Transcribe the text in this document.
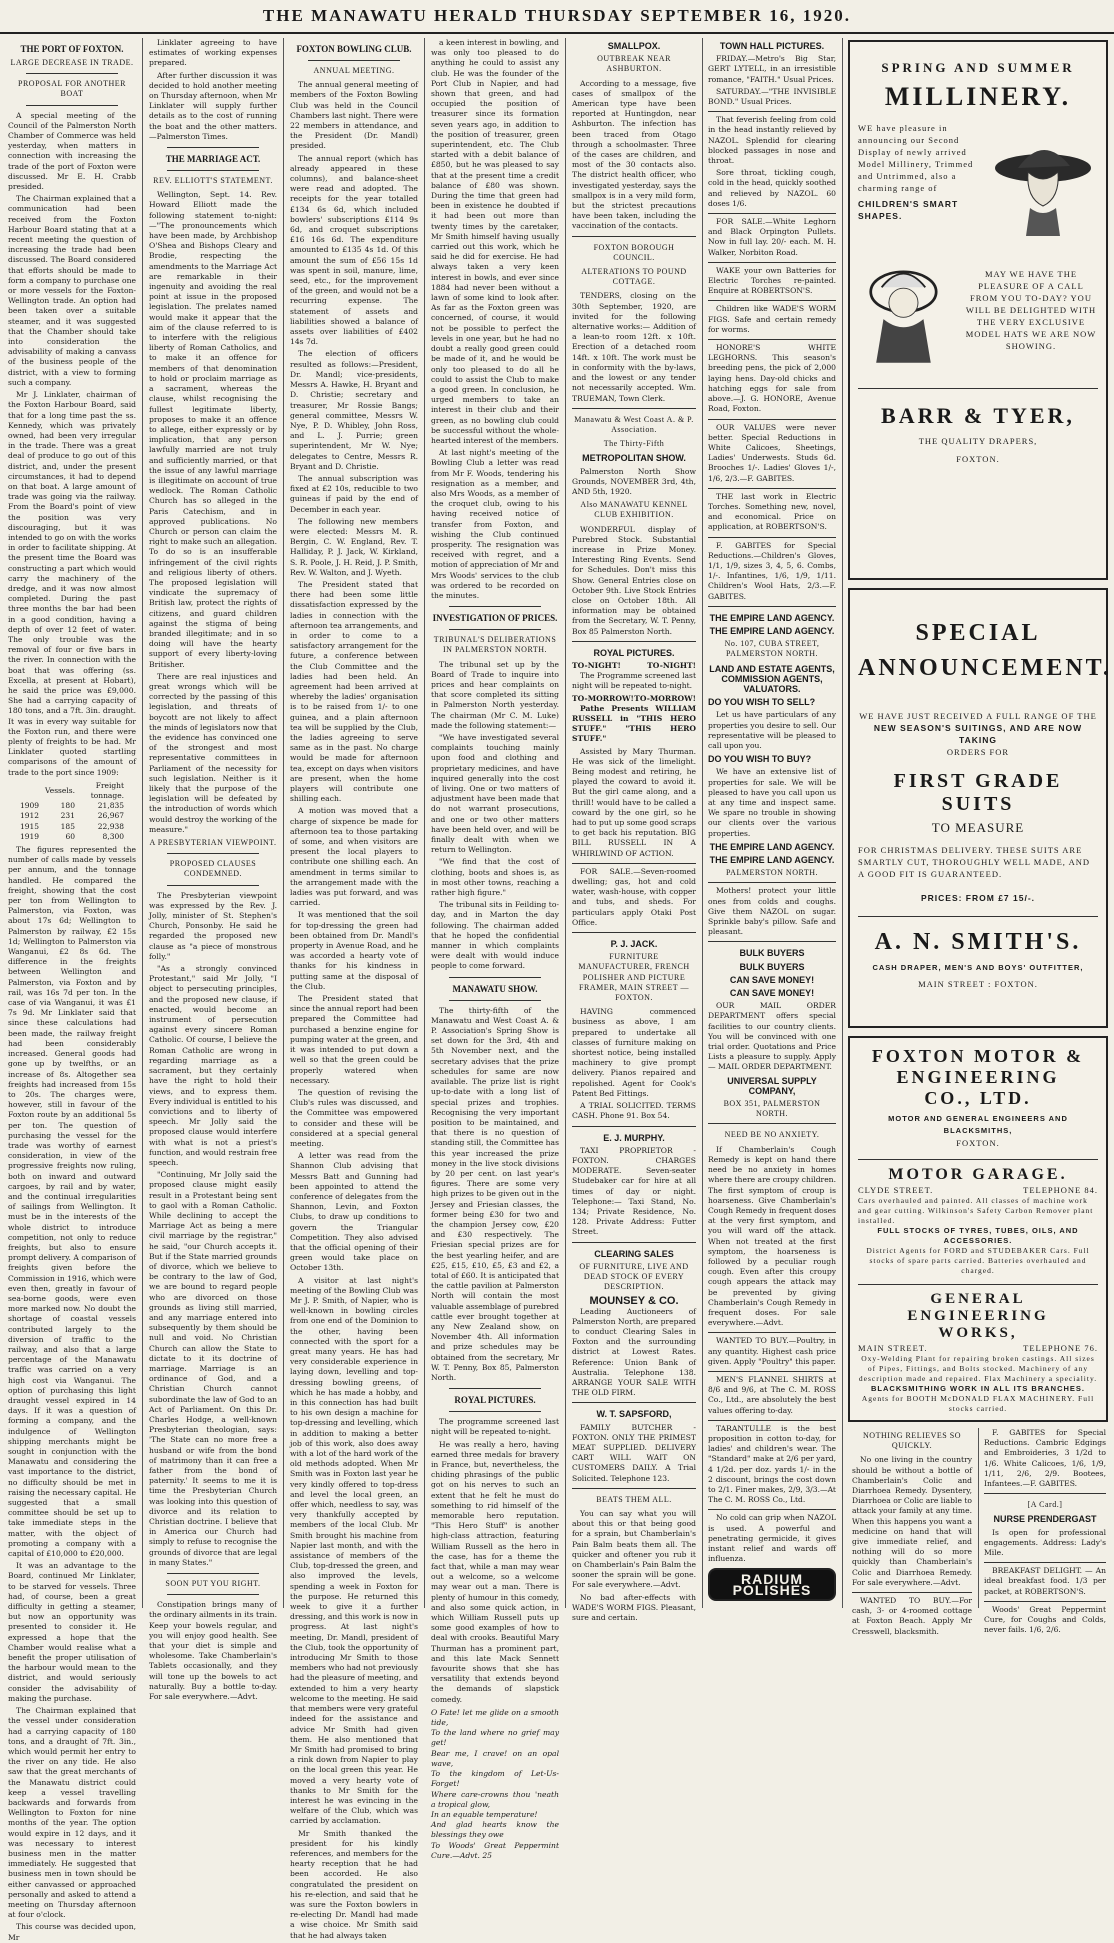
THE MANAWATU HERALD THURSDAY SEPTEMBER 16, 1920.
THE PORT OF FOXTON.
LARGE DECREASE IN TRADE.
PROPOSAL FOR ANOTHER BOAT

A special meeting of the Council of the Palmerston North Chamber of Commerce was held yesterday, when matters in connection with increasing the trade of the port of Foxton were discussed. Mr E. H. Crabb presided.

The Chairman explained that a communication had been received from the Foxton Harbour Board stating that at a recent meeting the question of increasing the trade had been discussed. The Board considered that efforts should be made to form a company to purchase one or more vessels for the Foxton-Wellington trade. An option had been taken over a suitable steamer, and it was suggested that the Chamber should take into consideration the advisability of making a canvass of the business people of the district, with a view to forming such a company.

Mr J. Linklater, chairman of the Foxton Harbour Board, said that for a long time past the ss. Kennedy, which was privately owned, had been very irregular in the trade. There was a great deal of produce to go out of this district, and, under the present circumstances, it had to depend on that boat. A large amount of trade was going via the railway. From the Board's point of view the position was very discouraging, but it was intended to go on with the works in order to facilitate shipping. At the present time the Board was constructing a part which would carry the machinery of the dredge, and it was now almost completed. During the past three months the bar had been in a good condition, having a depth of over 12 feet of water. The only trouble was the removal of four or five bars in the river. In connection with the boat that was offering (ss. Excella, at present at Hobart), he said the price was £9,000. She had a carrying capacity of 180 tons, and a 7ft. 3in. draught. It was in every way suitable for the Foxton run, and there were plenty of freights to be had. Mr Linklater quoted startling comparisons of the amount of trade to the port since 1909:

	Vessels.	Freight tonnage.
1909	180	21,835
1912	231	26,967
1915	185	22,938
1919	60	8,300

The figures represented the number of calls made by vessels per annum, and the tonnage handled. He compared the freight, showing that the cost per ton from Wellington to Palmerston, via Foxton, was about 17s 6d; Wellington to Palmerston by railway, £2 15s 1d; Wellington to Palmerston via Wanganui, £2 8s 6d. The difference in the freights between Wellington and Palmerston, via Foxton and by rail, was 16s 7d per ton. In the case of via Wanganui, it was £1 7s 9d. Mr Linklater said that since these calculations had been made, the railway freight had been considerably increased. General goods had gone up by twelfths, or an increase of 8s. Altogether sea freights had increased from 15s to 20s. The charges were, however, still in favour of the Foxton route by an additional 5s per ton. The question of purchasing the vessel for the trade was worthy of earnest consideration, in view of the progressive freights now ruling, both on inward and outward cargoes, by rail and by water, and the continual irregularities of sailings from Wellington. It must be in the interests of the whole district to introduce competition, not only to reduce freights, but also to ensure prompt delivery. A comparison of freights given before the Commission in 1916, which were even then, greatly in favour of sea-borne goods, were even more marked now. No doubt the shortage of coastal vessels contributed largely to the diversion of traffic to the railway, and also that a large percentage of the Manawatu traffic was carried on a very high cost via Wanganui. The option of purchasing this light draught vessel expired in 14 days. If it was a question of forming a company, and the indulgence of Wellington shipping merchants might be sought in conjunction with the Manawatu and considering the vast importance to the district, no difficulty should be met in raising the necessary capital. He suggested that a small committee should be set up to take immediate steps in the matter, with the object of promoting a company with a capital of £10,000 to £20,000.

It was an advantage to the Board, continued Mr Linklater, to be starved for vessels. Three had, of course, been a great difficulty in getting a steamer, but now an opportunity was presented to consider it. He expressed a hope that the Chamber would realise what a benefit the proper utilisation of the harbour would mean to the district, and would seriously consider the advisability of making the purchase.

The Chairman explained that the vessel under consideration had a carrying capacity of 180 tons, and a draught of 7ft. 3in., which would permit her entry to the river on any tide. He also saw that the great merchants of the Manawatu district could keep a vessel travelling backwards and forwards from Wellington to Foxton for nine months of the year. The option would expire in 12 days, and it was necessary to interest business men in the matter immediately. He suggested that business men in town should be either canvassed or approached personally and asked to attend a meeting on Thursday afternoon at four o'clock.

This course was decided upon, Mr

Linklater agreeing to have estimates of working expenses prepared.

After further discussion it was decided to hold another meeting on Thursday afternoon, when Mr Linklater will supply further details as to the cost of running the boat and the other matters.—Palmerston Times.

THE MARRIAGE ACT.
REV. ELLIOTT'S STATEMENT.

Wellington, Sept. 14. Rev. Howard Elliott made the following statement to-night:—"The pronouncements which have been made, by Archbishop O'Shea and Bishops Cleary and Brodie, respecting the amendments to the Marriage Act are remarkable in their ingenuity and avoiding the real point at issue in the proposed legislation. The prelates named would make it appear that the aim of the clause referred to is to interfere with the religious liberty of Roman Catholics, and to make it an offence for members of that denomination to hold or proclaim marriage as a sacrament, whereas the clause, whilst recognising the fullest legitimate liberty, proposes to make it an offence to allege, either expressly or by implication, that any person lawfully married are not truly and sufficiently married, or that the issue of any lawful marriage is illegitimate on account of true wedlock. The Roman Catholic Church has so alleged in the Paris Catechism, and in approved publications. No Church or person can claim the right to make such an allegation. To do so is an insufferable infringement of the civil rights and religious liberty of others. The proposed legislation will vindicate the supremacy of British law, protect the rights of citizens, and guard children against the stigma of being branded illegitimate; and in so doing will have the hearty support of every liberty-loving Britisher.

There are real injustices and great wrongs which will be corrected by the passing of this legislation, and threats of boycott are not likely to affect the minds of legislators now that the evidence has convinced one of the strongest and most representative committees in Parliament of the necessity for such legislation. Neither is it likely that the purpose of the legislation will be defeated by the introduction of words which would destroy the working of the measure."

A PRESBYTERIAN VIEWPOINT.
PROPOSED CLAUSES CONDEMNED.

The Presbyterian viewpoint was expressed by the Rev. J. Jolly, minister of St. Stephen's Church, Ponsonby. He said he regarded the proposed new clause as "a piece of monstrous folly."

"As a strongly convinced Protestant," said Mr Jolly, "I object to persecuting principles, and the proposed new clause, if enacted, would become an instrument of persecution against every sincere Roman Catholic. Of course, I believe the Roman Catholic are wrong in regarding marriage as a sacrament, but they certainly have the right to hold their views, and to express them. Every individual is entitled to his convictions and to liberty of speech. Mr Jolly said the proposed clause would interfere with what is not a priest's function, and would restrain free speech.

"Continuing, Mr Jolly said the proposed clause might easily result in a Protestant being sent to gaol with a Roman Catholic. While declining to accept the Marriage Act as being a mere civil marriage by the registrar," he said, "our Church accepts it. But if the State married grounds of divorce, which we believe to be contrary to the law of God, we are bound to regard people who are divorced on those grounds as living still married, and any marriage entered into subsequently by them should be null and void. No Christian Church can allow the State to dictate to it its doctrine of marriage. Marriage is an ordinance of God, and a Christian Church cannot subordinate the law of God to an Act of Parliament. On this Dr. Charles Hodge, a well-known Presbyterian theologian, says: 'The State can no more free a husband or wife from the bond of matrimony than it can free a father from the bond of paternity.' It seems to me it is time the Presbyterian Church was looking into this question of divorce and its relation to Christian doctrine. I believe that in America our Church had simply to refuse to recognise the grounds of divorce that are legal in many States."

SOON PUT YOU RIGHT.

Constipation brings many of the ordinary ailments in its train. Keep your bowels regular, and you will enjoy good health. See that your diet is simple and wholesome. Take Chamberlain's Tablets occasionally, and they will tone up the bowels to act naturally. Buy a bottle to-day. For sale everywhere.—Advt.

FOXTON BOWLING CLUB.
ANNUAL MEETING.

The annual general meeting of members of the Foxton Bowling Club was held in the Council Chambers last night. There were 22 members in attendance, and the President (Dr. Mandl) presided.

The annual report (which has already appeared in these columns), and balance-sheet were read and adopted. The receipts for the year totalled £134 6s 6d, which included bowlers' subscriptions £114 9s 6d, and croquet subscriptions £16 16s 6d. The expenditure amounted to £135 4s 1d. Of this amount the sum of £56 15s 1d was spent in soil, manure, lime, seed, etc., for the improvement of the green, and would not be a recurring expense. The statement of assets and liabilities showed a balance of assets over liabilities of £402 14s 7d.

The election of officers resulted as follows:—President, Dr. Mandl; vice-presidents, Messrs A. Hawke, H. Bryant and D. Christie; secretary and treasurer, Mr Rossie Bangs; general committee, Messrs W. Nye, P. D. Whibley, John Ross, and L. J. Purrie; green superintendent, Mr W. Nye; delegates to Centre, Messrs R. Bryant and D. Christie.

The annual subscription was fixed at £2 10s, reducible to two guineas if paid by the end of December in each year.

The following new members were elected: Messrs M. R. Bergin, C. W. England, Rev. T. Halliday, P. J. Jack, W. Kirkland, S. R. Poole, J. H. Reid, J. P. Smith, Rev. W. Walton, and J. Wyeth.

The President stated that there had been some little dissatisfaction expressed by the ladies in connection with the afternoon tea arrangements, and in order to come to a satisfactory arrangement for the future, a conference between the Club Committee and the ladies had been held. An agreement had been arrived at whereby the ladies' organisation is to be raised from 1/- to one guinea, and a plain afternoon tea will be supplied by the Club, the ladies agreeing to serve same as in the past. No charge would be made for afternoon tea, except on days when visitors are present, when the home players will contribute one shilling each.

A motion was moved that a charge of sixpence be made for afternoon tea to those partaking of some, and when visitors are present the local players to contribute one shilling each. An amendment in terms similar to the arrangement made with the ladies was put forward, and was carried.

It was mentioned that the soil for top-dressing the green had been obtained from Dr. Mandl's property in Avenue Road, and he was accorded a hearty vote of thanks for his kindness in putting same at the disposal of the Club.

The President stated that since the annual report had been prepared the Committee had purchased a benzine engine for pumping water at the green, and it was intended to put down a well so that the green could be properly watered when necessary.

The question of revising the Club's rules was discussed, and the Committee was empowered to consider and these will be considered at a special general meeting.

A letter was read from the Shannon Club advising that Messrs Batt and Gunning had been appointed to attend the conference of delegates from the Shannon, Levin, and Foxton Clubs, to draw up conditions to govern the Triangular Competition. They also advised that the official opening of their green would take place on October 13th.

A visitor at last night's meeting of the Bowling Club was Mr J. P. Smith, of Napier, who is well-known in bowling circles from one end of the Dominion to the other, having been connected with the sport for a great many years. He has had very considerable experience in laying down, levelling and top-dressing bowling greens, of which he has made a hobby, and in this connection has had built to his own design a machine for top-dressing and levelling, which in addition to making a better job of this work, also does away with a lot of the hard work of the old methods adopted. When Mr Smith was in Foxton last year he very kindly offered to top-dress and level the local green, an offer which, needless to say, was very thankfully accepted by members of the local Club. Mr Smith brought his machine from Napier last month, and with the assistance of members of the Club, top-dressed the green, and also improved the levels, spending a week in Foxton for the purpose. He returned this week to give it a further dressing, and this work is now in progress. At last night's meeting, Dr. Mandl, president of the Club, took the opportunity of introducing Mr Smith to those members who had not previously had the pleasure of meeting, and extended to him a very hearty welcome to the meeting. He said that members were very grateful indeed for the assistance and advice Mr Smith had given them. He also mentioned that Mr Smith had promised to bring a rink down from Napier to play on the local green this year. He moved a very hearty vote of thanks to Mr Smith for the interest he was evincing in the welfare of the Club, which was carried by acclamation.

Mr Smith thanked the president for his kindly references, and members for the hearty reception that he had been accorded. He also congratulated the president on his re-election, and said that he was sure the Foxton bowlers in re-electing Dr. Mandl had made a wise choice. Mr Smith said that he had always taken

a keen interest in bowling, and was only too pleased to do anything he could to assist any club. He was the founder of the Port Club in Napier, and had shown that green, and had occupied the position of treasurer since its formation seven years ago, in addition to the position of treasurer, green superintendent, etc. The Club started with a debit balance of £850, but he was pleased to say that at the present time a credit balance of £80 was shown. During the time that green had been in existence he doubted if it had been out more than twenty times by the caretaker, Mr Smith himself having usually carried out this work, which he said he did for exercise. He had always taken a very keen interest in bowls, and ever since 1884 had never been without a lawn of some kind to look after. As far as the Foxton green was concerned, of course, it would not be possible to perfect the levels in one year, but he had no doubt a really good green could be made of it, and he would be only too pleased to do all he could to assist the Club to make a good green. In conclusion, he urged members to take an interest in their club and their green, as no bowling club could be successful without the whole-hearted interest of the members.

At last night's meeting of the Bowling Club a letter was read from Mr F. Woods, tendering his resignation as a member, and also Mrs Woods, as a member of the croquet club, owing to his having received notice of transfer from Foxton, and wishing the Club continued prosperity. The resignation was received with regret, and a motion of appreciation of Mr and Mrs Woods' services to the club was ordered to be recorded on the minutes.

INVESTIGATION OF PRICES.
TRIBUNAL'S DELIBERATIONS IN PALMERSTON NORTH.

The tribunal set up by the Board of Trade to inquire into prices and hear complaints on that score completed its sitting in Palmerston North yesterday. The chairman (Mr C. M. Luke) made the following statement:—

"We have investigated several complaints touching mainly upon food and clothing and proprietary medicines, and have inquired generally into the cost of living. One or two matters of adjustment have been made that do not warrant prosecutions, and one or two other matters have been held over, and will be finally dealt with when we return to Wellington.

"We find that the cost of clothing, boots and shoes is, as in most other towns, reaching a rather high figure."

The tribunal sits in Feilding to-day, and in Marton the day following. The chairman added that he hoped the confidential manner in which complaints were dealt with would induce people to come forward.

MANAWATU SHOW.

The thirty-fifth of the Manawatu and West Coast A. & P. Association's Spring Show is set down for the 3rd, 4th and 5th November next, and the secretary advises that the prize schedules for same are now available. The prize list is right up-to-date with a long list of special prizes and trophies. Recognising the very important position to be maintained, and that there is no question of standing still, the Committee has this year increased the prize money in the live stock divisions by 20 per cent. on last year's figures. There are some very high prizes to be given out in the Jersey and Friesian classes, the former being £30 for two and the champion Jersey cow, £20 and £30 respectively. The Friesian special prizes are for the best yearling heifer, and are £25, £15, £10, £5, £3 and £2, a total of £60. It is anticipated that the cattle pavilion at Palmerston North will contain the most valuable assemblage of purebred cattle ever brought together at any New Zealand show, on November 4th. All information and prize schedules may be obtained from the secretary, Mr W. T. Penny, Box 85, Palmerston North.

ROYAL PICTURES.

The programme screened last night will be repeated to-night.

He was really a hero, having earned three medals for bravery in France, but, nevertheless, the chiding phrasings of the public got on his nerves to such an extent that he felt he must do something to rid himself of the memorable hero reputation. "This Hero Stuff" is another high-class attraction, featuring William Russell as the hero in the case, has for a theme the fact that, while a man may wear out a welcome, so a welcome may wear out a man. There is plenty of humour in this comedy, and also some quick action, in which William Russell puts up some good examples of how to deal with crooks. Beautiful Mary Thurman has a prominent part, and this late Mack Sennett favourite shows that she has versatility that extends beyond the demands of slapstick comedy.

O Fate! let me glide on a smooth tide,
To the land where no grief may get!
Bear me, I crave! on an opal wave,
To the kingdom of Let-Us-Forget!
Where care-crowns thou 'neath a tropical glow,
In an equable temperature!
And glad hearts know the blessings they owe
To Woods' Great Peppermint Cure.—Advt. 25
SMALLPOX.
OUTBREAK NEAR ASHBURTON.

According to a message, five cases of smallpox of the American type have been reported at Huntingdon, near Ashburton. The infection has been traced from Otago through a schoolmaster. Three of the cases are children, and most of the 30 contacts also. The district health officer, who investigated yesterday, says the smallpox is in a very mild form, but the strictest precautions have been taken, including the vaccination of the contacts.

FOXTON BOROUGH COUNCIL.
ALTERATIONS TO POUND COTTAGE.

TENDERS, closing on the 30th September, 1920, are invited for the following alternative works:— Addition of a lean-to room 12ft. x 10ft. Erection of a detached room 14ft. x 10ft. The work must be in conformity with the by-laws, and the lowest or any tender not necessarily accepted. Wm. TRUEMAN, Town Clerk.

Manawatu & West Coast A. & P. Association.
The Thirty-Fifth
METROPOLITAN SHOW.

Palmerston North Show Grounds, NOVEMBER 3rd, 4th, AND 5th, 1920.

Also MANAWATU KENNEL CLUB EXHIBITION.

WONDERFUL display of Purebred Stock. Substantial increase in Prize Money. Interesting Ring Events. Send for Schedules. Don't miss this Show. General Entries close on October 9th. Live Stock Entries close on October 18th. All information may be obtained from the Secretary, W. T. Penny, Box 85 Palmerston North.

ROYAL PICTURES.
TO-NIGHT!	TO-NIGHT!

The Programme screened last night will be repeated to-night.

TO-MORROW! TO-MORROW!

Pathe Presents WILLIAM RUSSELL in "THIS HERO STUFF." "THIS HERO STUFF."

Assisted by Mary Thurman. He was sick of the limelight. Being modest and retiring, he played the coward to avoid it. But the girl came along, and a thrill! would have to be called a coward by the one girl, so he had to put up some good scraps to get back his reputation. BIG BILL RUSSELL IN A WHIRLWIND OF ACTION.

FOR SALE.—Seven-roomed dwelling; gas, hot and cold water, wash-house, with copper and tubs, and sheds. For particulars apply Otaki Post Office.

P. J. JACK.
FURNITURE MANUFACTURER, FRENCH POLISHER AND PICTURE FRAMER, MAIN STREET — FOXTON.

HAVING commenced business as above, I am prepared to undertake all classes of furniture making on shortest notice, being installed machinery to give prompt delivery. Pianos repaired and repolished. Agent for Cook's Patent Bed Fittings.

A TRIAL SOLICITED. TERMS CASH. Phone 91. Box 54.

E. J. MURPHY.

TAXI PROPRIETOR - FOXTON. CHARGES MODERATE. Seven-seater Studebaker car for hire at all times of day or night. Telephone:— Taxi Stand, No. 134; Private Residence, No. 128. Private Address: Futter Street.

CLEARING SALES
OF FURNITURE, LIVE AND DEAD STOCK OF EVERY DESCRIPTION.
MOUNSEY & CO.

Leading Auctioneers of Palmerston North, are prepared to conduct Clearing Sales in Foxton and the surrounding district at Lowest Rates. Reference: Union Bank of Australia. Telephone 138. ARRANGE YOUR SALE WITH THE OLD FIRM.

W. T. SAPSFORD,

FAMILY BUTCHER - FOXTON. ONLY THE PRIMEST MEAT SUPPLIED. DELIVERY CART WILL WAIT ON CUSTOMERS DAILY. A Trial Solicited. Telephone 123.

BEATS THEM ALL.

You can say what you will about this or that being good for a sprain, but Chamberlain's Pain Balm beats them all. The quicker and oftener you rub it on Chamberlain's Pain Balm the sooner the sprain will be gone. For sale everywhere.—Advt.

No bad after-effects with WADE'S WORM FIGS. Pleasant, sure and certain.

TOWN HALL PICTURES.

FRIDAY.—Metro's Big Star, GERT LYTELL, in an irresistible romance, "FAITH." Usual Prices.

SATURDAY.—"THE INVISIBLE BOND." Usual Prices.

That feverish feeling from cold in the head instantly relieved by NAZOL. Splendid for clearing blocked passages in nose and throat.

Sore throat, tickling cough, cold in the head, quickly soothed and relieved by NAZOL. 60 doses 1/6.

FOR SALE.—White Leghorn and Black Orpington Pullets. Now in full lay. 20/- each. M. H. Walker, Norbiton Road.

WAKE your own Batteries for Electric Torches re-painted. Enquire at ROBERTSON'S.

Children like WADE'S WORM FIGS. Safe and certain remedy for worms.

HONORE'S WHITE LEGHORNS. This season's breeding pens, the pick of 2,000 laying hens. Day-old chicks and hatching eggs for sale from above.—J. G. HONORE, Avenue Road, Foxton.

OUR VALUES were never better. Special Reductions in White Calicoes, Sheetings, Ladies' Underwests. Studs 6d. Brooches 1/-. Ladies' Gloves 1/-, 1/6, 2/3.—F. GABITES.

THE last work in Electric Torches. Something new, novel, and economical. Price on application, at ROBERTSON'S.

F. GABITES for Special Reductions.—Children's Gloves, 1/1, 1/9, sizes 3, 4, 5, 6. Combs, 1/-. Infantines, 1/6, 1/9, 1/11. Children's Wool Hats, 2/3.—F. GABITES.

THE EMPIRE LAND AGENCY.
THE EMPIRE LAND AGENCY.
No. 107, CUBA STREET, PALMERSTON NORTH.
LAND AND ESTATE AGENTS, COMMISSION AGENTS, VALUATORS.
DO YOU WISH TO SELL?

Let us have particulars of any properties you desire to sell. Our representative will be pleased to call upon you.

DO YOU WISH TO BUY?

We have an extensive list of properties for sale. We will be pleased to have you call upon us at any time and inspect same. We spare no trouble in showing our clients over the various properties.

THE EMPIRE LAND AGENCY.
THE EMPIRE LAND AGENCY.
PALMERSTON NORTH.

Mothers! protect your little ones from colds and coughs. Give them NAZOL on sugar. Sprinkle baby's pillow. Safe and pleasant.

BULK BUYERS
BULK BUYERS
CAN SAVE MONEY!
CAN SAVE MONEY!

OUR MAIL ORDER DEPARTMENT offers special facilities to our country clients. You will be convinced with one trial order. Quotations and Price Lists a pleasure to supply. Apply — MAIL ORDER DEPARTMENT.

UNIVERSAL SUPPLY COMPANY,
BOX 351, PALMERSTON NORTH.
NEED BE NO ANXIETY.

If Chamberlain's Cough Remedy is kept on hand there need be no anxiety in homes where there are croupy children. The first symptom of croup is hoarseness. Give Chamberlain's Cough Remedy in frequent doses at the very first symptom, and you will ward off the attack. When not treated at the first symptom, the hoarseness is followed by a peculiar rough cough. Even after this croupy cough appears the attack may be prevented by giving Chamberlain's Cough Remedy in frequent doses. For sale everywhere.—Advt.

WANTED TO BUY.—Poultry, in any quantity. Highest cash price given. Apply "Poultry" this paper.

MEN'S FLANNEL SHIRTS at 8/6 and 9/6, at The C. M. ROSS Co., Ltd., are absolutely the best values offering to-day.

TARANTULLE is the best proposition in cotton to-day, for ladies' and children's wear. The "Standard" make at 2/6 per yard, 4 1/2d. per doz. yards 1/- in the 2 discount, brings the cost down to 2/1. Finer makes, 2/9, 3/3.—At The C. M. ROSS Co., Ltd.

No cold can grip when NAZOL is used. A powerful and penetrating germicide, it gives instant relief and wards off influenza.

RADIUM POLISHES
SPRING AND SUMMER
MILLINERY.

WE have pleasure in announcing our Second Display of newly arrived Model Millinery, Trimmed and Untrimmed, also a charming range of

CHILDREN'S SMART SHAPES.

MAY WE HAVE THE PLEASURE OF A CALL FROM YOU TO-DAY? YOU WILL BE DELIGHTED WITH THE VERY EXCLUSIVE MODEL HATS WE ARE NOW SHOWING.

BARR & TYER,
THE QUALITY DRAPERS,
FOXTON.
SPECIAL
ANNOUNCEMENT.
WE HAVE JUST RECEIVED A FULL RANGE OF THE
NEW SEASON'S SUITINGS, AND ARE NOW TAKING
ORDERS FOR
FIRST GRADE SUITS
TO MEASURE

FOR CHRISTMAS DELIVERY. THESE SUITS ARE SMARTLY CUT, THOROUGHLY WELL MADE, AND A GOOD FIT IS GUARANTEED.

PRICES: FROM £7 15/-.
A. N. SMITH'S.
CASH DRAPER, MEN'S AND BOYS' OUTFITTER,
MAIN STREET : FOXTON.
FOXTON MOTOR &
ENGINEERING
CO., LTD.
MOTOR AND GENERAL ENGINEERS AND BLACKSMITHS,
FOXTON.
MOTOR GARAGE.
CLYDE STREET.	TELEPHONE 84.

Cars overhauled and painted. All classes of machine work and gear cutting. Wilkinson's Safety Carbon Remover plant installed.

FULL STOCKS OF TYRES, TUBES, OILS, AND ACCESSORIES.

District Agents for FORD and STUDEBAKER Cars. Full stocks of spare parts carried. Batteries overhauled and charged.

GENERAL ENGINEERING
WORKS,
MAIN STREET.	TELEPHONE 76.

Oxy-Welding Plant for repairing broken castings. All sizes of Pipes, Fittings, and Bolts stocked. Machinery of any description made and repaired. Flax Machinery a speciality.

BLACKSMITHING WORK IN ALL ITS BRANCHES.

Agents for BOOTH McDONALD FLAX MACHINERY. Full stocks carried.

NOTHING RELIEVES SO QUICKLY.

No one living in the country should be without a bottle of Chamberlain's Colic and Diarrhoea Remedy. Dysentery, Diarrhoea or Colic are liable to attack your family at any time. When this happens you want a medicine on hand that will give immediate relief, and nothing will do so more quickly than Chamberlain's Colic and Diarrhoea Remedy. For sale everywhere.—Advt.

WANTED TO BUY.—For cash, 3- or 4-roomed cottage at Foxton Beach. Apply Mr Cresswell, blacksmith.

F. GABITES for Special Reductions. Cambric Edgings and Embroideries, 3 1/2d to 1/6. White Calicoes, 1/6, 1/9, 1/11, 2/6, 2/9. Bootees, Infantees.—F. GABITES.

[A Card.]
NURSE PRENDERGAST

Is open for professional engagements. Address: Lady's Mile.

BREAKFAST DELIGHT. — An ideal breakfast food. 1/3 per packet, at ROBERTSON'S.

Woods' Great Peppermint Cure, for Coughs and Colds, never fails. 1/6, 2/6.
